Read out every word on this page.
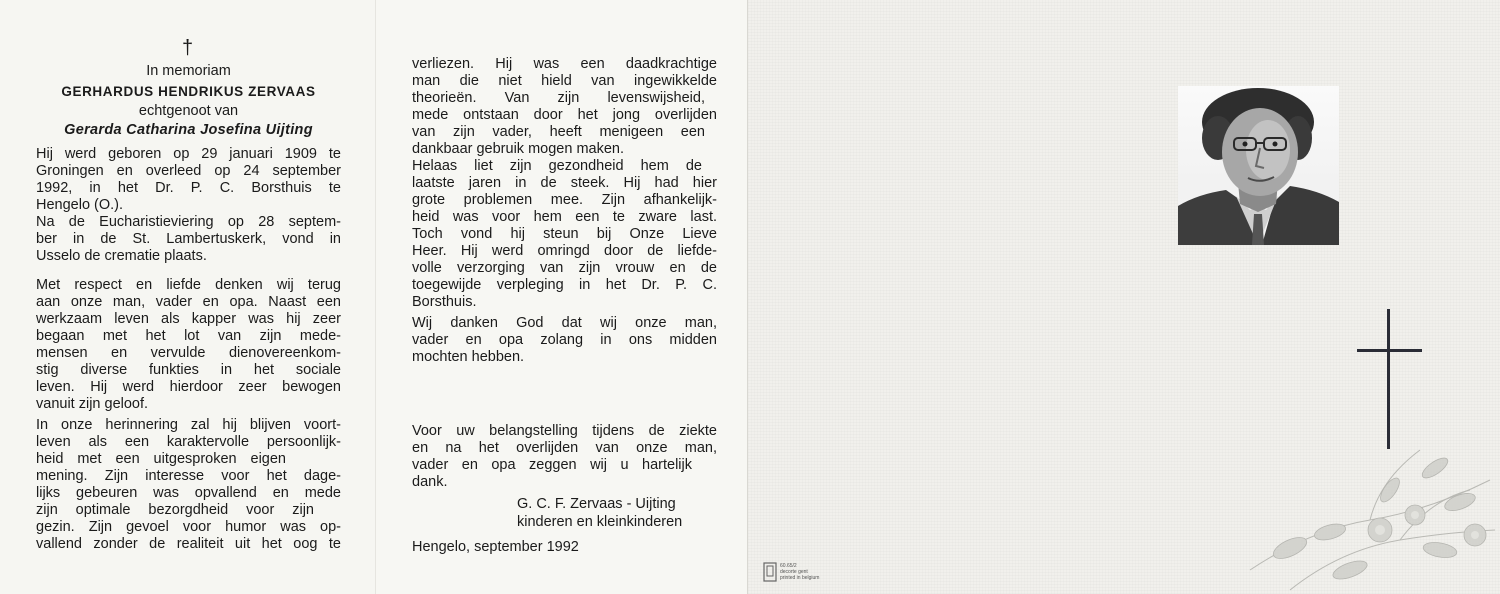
†
In memoriam
GERHARDUS HENDRIKUS ZERVAAS
echtgenoot van
Gerarda Catharina Josefina Uijting
Hij werd geboren op 29 januari 1909 te
Groningen en overleed op 24 september
1992, in het Dr. P. C. Borsthuis te
Hengelo (O.).
Na de Eucharistieviering op 28 septem-
ber in de St. Lambertuskerk, vond in
Usselo de crematie plaats.
Met respect en liefde denken wij terug
aan onze man, vader en opa. Naast een
werkzaam leven als kapper was hij zeer
begaan met het lot van zijn mede-
mensen en vervulde dienovereenkom-
stig diverse funkties in het sociale
leven. Hij werd hierdoor zeer bewogen
vanuit zijn geloof.
In onze herinnering zal hij blijven voort-
leven als een karaktervolle persoonlijk-
heid met een uitgesproken eigen
mening. Zijn interesse voor het dage-
lijks gebeuren was opvallend en mede
zijn optimale bezorgdheid voor zijn
gezin. Zijn gevoel voor humor was op-
vallend zonder de realiteit uit het oog te
verliezen. Hij was een daadkrachtige
man die niet hield van ingewikkelde
theorieën. Van zijn levenswijsheid,
mede ontstaan door het jong overlijden
van zijn vader, heeft menigeen een
dankbaar gebruik mogen maken.
Helaas liet zijn gezondheid hem de
laatste jaren in de steek. Hij had hier
grote problemen mee. Zijn afhankelijk-
heid was voor hem een te zware last.
Toch vond hij steun bij Onze Lieve
Heer. Hij werd omringd door de liefde-
volle verzorging van zijn vrouw en de
toegewijde verpleging in het Dr. P. C.
Borsthuis.
Wij danken God dat wij onze man,
vader en opa zolang in ons midden
mochten hebben.
Voor uw belangstelling tijdens de ziekte
en na het overlijden van onze man,
vader en opa zeggen wij u hartelijk
dank.
G. C. F. Zervaas - Uijting
kinderen en kleinkinderen
Hengelo, september 1992
60.65/2
decorte gent
printed in belgium
